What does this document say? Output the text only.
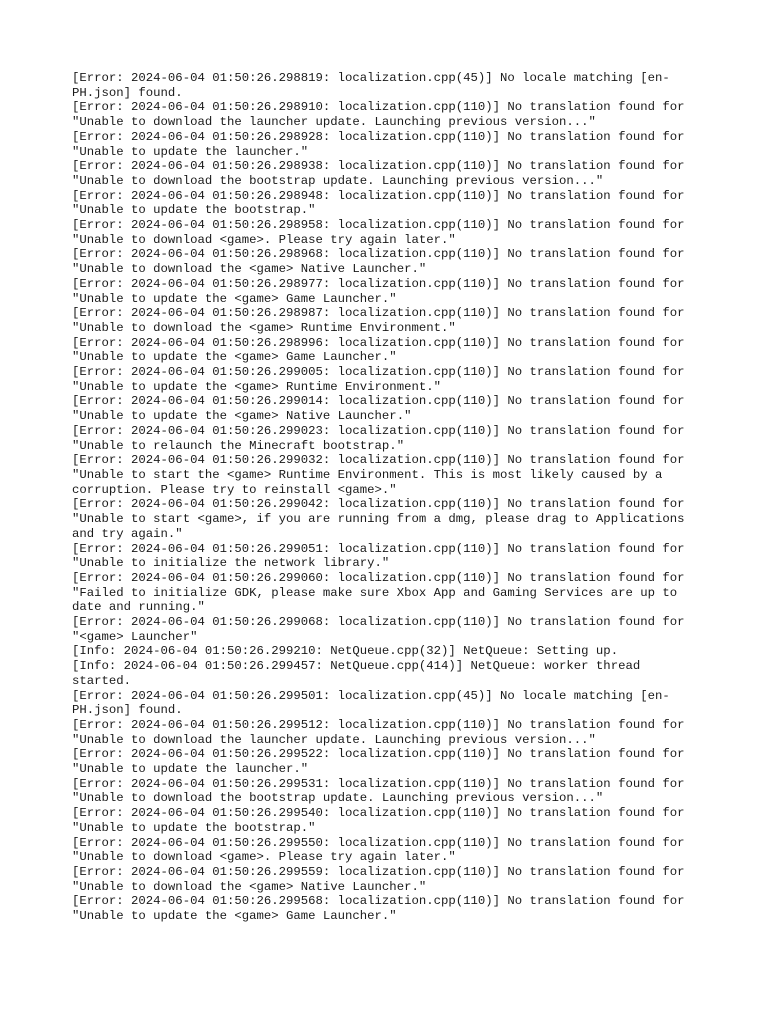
[Error: 2024-06-04 01:50:26.298819: localization.cpp(45)] No locale matching [en-
PH.json] found.
[Error: 2024-06-04 01:50:26.298910: localization.cpp(110)] No translation found for
"Unable to download the launcher update. Launching previous version..."
[Error: 2024-06-04 01:50:26.298928: localization.cpp(110)] No translation found for
"Unable to update the launcher."
[Error: 2024-06-04 01:50:26.298938: localization.cpp(110)] No translation found for
"Unable to download the bootstrap update. Launching previous version..."
[Error: 2024-06-04 01:50:26.298948: localization.cpp(110)] No translation found for
"Unable to update the bootstrap."
[Error: 2024-06-04 01:50:26.298958: localization.cpp(110)] No translation found for
"Unable to download <game>. Please try again later."
[Error: 2024-06-04 01:50:26.298968: localization.cpp(110)] No translation found for
"Unable to download the <game> Native Launcher."
[Error: 2024-06-04 01:50:26.298977: localization.cpp(110)] No translation found for
"Unable to update the <game> Game Launcher."
[Error: 2024-06-04 01:50:26.298987: localization.cpp(110)] No translation found for
"Unable to download the <game> Runtime Environment."
[Error: 2024-06-04 01:50:26.298996: localization.cpp(110)] No translation found for
"Unable to update the <game> Game Launcher."
[Error: 2024-06-04 01:50:26.299005: localization.cpp(110)] No translation found for
"Unable to update the <game> Runtime Environment."
[Error: 2024-06-04 01:50:26.299014: localization.cpp(110)] No translation found for
"Unable to update the <game> Native Launcher."
[Error: 2024-06-04 01:50:26.299023: localization.cpp(110)] No translation found for
"Unable to relaunch the Minecraft bootstrap."
[Error: 2024-06-04 01:50:26.299032: localization.cpp(110)] No translation found for
"Unable to start the <game> Runtime Environment. This is most likely caused by a
corruption. Please try to reinstall <game>."
[Error: 2024-06-04 01:50:26.299042: localization.cpp(110)] No translation found for
"Unable to start <game>, if you are running from a dmg, please drag to Applications
and try again."
[Error: 2024-06-04 01:50:26.299051: localization.cpp(110)] No translation found for
"Unable to initialize the network library."
[Error: 2024-06-04 01:50:26.299060: localization.cpp(110)] No translation found for
"Failed to initialize GDK, please make sure Xbox App and Gaming Services are up to
date and running."
[Error: 2024-06-04 01:50:26.299068: localization.cpp(110)] No translation found for
"<game> Launcher"
[Info: 2024-06-04 01:50:26.299210: NetQueue.cpp(32)] NetQueue: Setting up.
[Info: 2024-06-04 01:50:26.299457: NetQueue.cpp(414)] NetQueue: worker thread
started.
[Error: 2024-06-04 01:50:26.299501: localization.cpp(45)] No locale matching [en-
PH.json] found.
[Error: 2024-06-04 01:50:26.299512: localization.cpp(110)] No translation found for
"Unable to download the launcher update. Launching previous version..."
[Error: 2024-06-04 01:50:26.299522: localization.cpp(110)] No translation found for
"Unable to update the launcher."
[Error: 2024-06-04 01:50:26.299531: localization.cpp(110)] No translation found for
"Unable to download the bootstrap update. Launching previous version..."
[Error: 2024-06-04 01:50:26.299540: localization.cpp(110)] No translation found for
"Unable to update the bootstrap."
[Error: 2024-06-04 01:50:26.299550: localization.cpp(110)] No translation found for
"Unable to download <game>. Please try again later."
[Error: 2024-06-04 01:50:26.299559: localization.cpp(110)] No translation found for
"Unable to download the <game> Native Launcher."
[Error: 2024-06-04 01:50:26.299568: localization.cpp(110)] No translation found for
"Unable to update the <game> Game Launcher."
